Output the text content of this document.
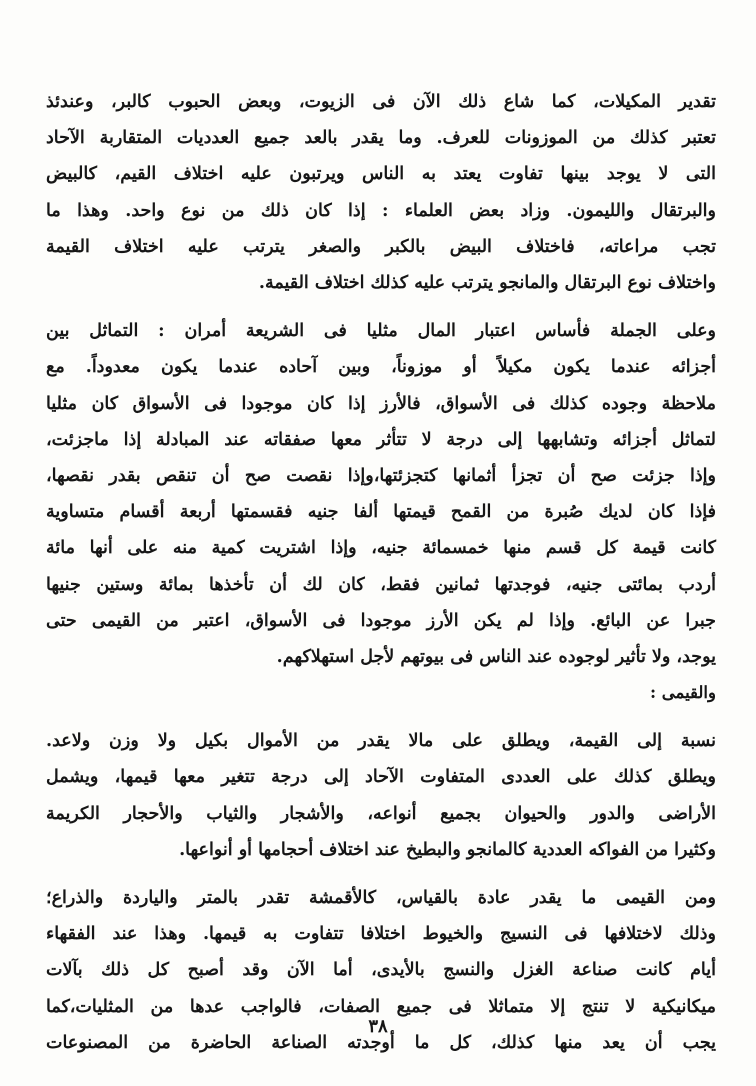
تقدير المكيلات، كما شاع ذلك الآن فى الزيوت، وبعض الحبوب كالبر، وعندئذ
تعتبر كذلك من الموزونات للعرف. وما يقدر بالعد جميع العدديات المتقاربة الآحاد
التى لا يوجد بينها تفاوت يعتد به الناس ويرتبون عليه اختلاف القيم، كالبيض
والبرتقال والليمون. وزاد بعض العلماء : إذا كان ذلك من نوع واحد. وهذا ما
تجب مراعاته، فاختلاف البيض بالكبر والصغر يترتب عليه اختلاف القيمة
واختلاف نوع البرتقال والمانجو يترتب عليه كذلك اختلاف القيمة.

وعلى الجملة فأساس اعتبار المال مثليا فى الشريعة أمران : التماثل بين
أجزائه عندما يكون مكيلاً أو موزوناً، وبين آحاده عندما يكون معدوداً. مع
ملاحظة وجوده كذلك فى الأسواق، فالأرز إذا كان موجودا فى الأسواق كان مثليا
لتماثل أجزائه وتشابهها إلى درجة لا تتأثر معها صفقاته عند المبادلة إذا ماجزئت،
وإذا جزئت صح أن تجزأ أثمانها كتجزئتها،وإذا نقصت صح أن تنقص بقدر نقصها،
فإذا كان لديك صُبرة من القمح قيمتها ألفا جنيه فقسمتها أربعة أقسام متساوية
كانت قيمة كل قسم منها خمسمائة جنيه، وإذا اشتريت كمية منه على أنها مائة
أردب بمائتى جنيه، فوجدتها ثمانين فقط، كان لك أن تأخذها بمائة وستين جنيها
جبرا عن البائع. وإذا لم يكن الأرز موجودا فى الأسواق، اعتبر من القيمى حتى
يوجد، ولا تأثير لوجوده عند الناس فى بيوتهم لأجل استهلاكهم.

والقيمى :

نسبة إلى القيمة، ويطلق على مالا يقدر من الأموال بكيل ولا وزن ولاعد.
ويطلق كذلك على العددى المتفاوت الآحاد إلى درجة تتغير معها قيمها، ويشمل
الأراضى والدور والحيوان بجميع أنواعه، والأشجار والثياب والأحجار الكريمة
وكثيرا من الفواكه العددية كالمانجو والبطيخ عند اختلاف أحجامها أو أنواعها.

ومن القيمى ما يقدر عادة بالقياس، كالأقمشة تقدر بالمتر والياردة والذراع؛
وذلك لاختلافها فى النسيج والخيوط اختلافا تتفاوت به قيمها. وهذا عند الفقهاء
أيام كانت صناعة الغزل والنسج بالأيدى، أما الآن وقد أصبح كل ذلك بآلات
ميكانيكية لا تنتج إلا متماثلا فى جميع الصفات، فالواجب عدها من المثليات،كما
يجب أن يعد منها كذلك، كل ما أوجدته الصناعة الحاضرة من المصنوعات

٣٨
